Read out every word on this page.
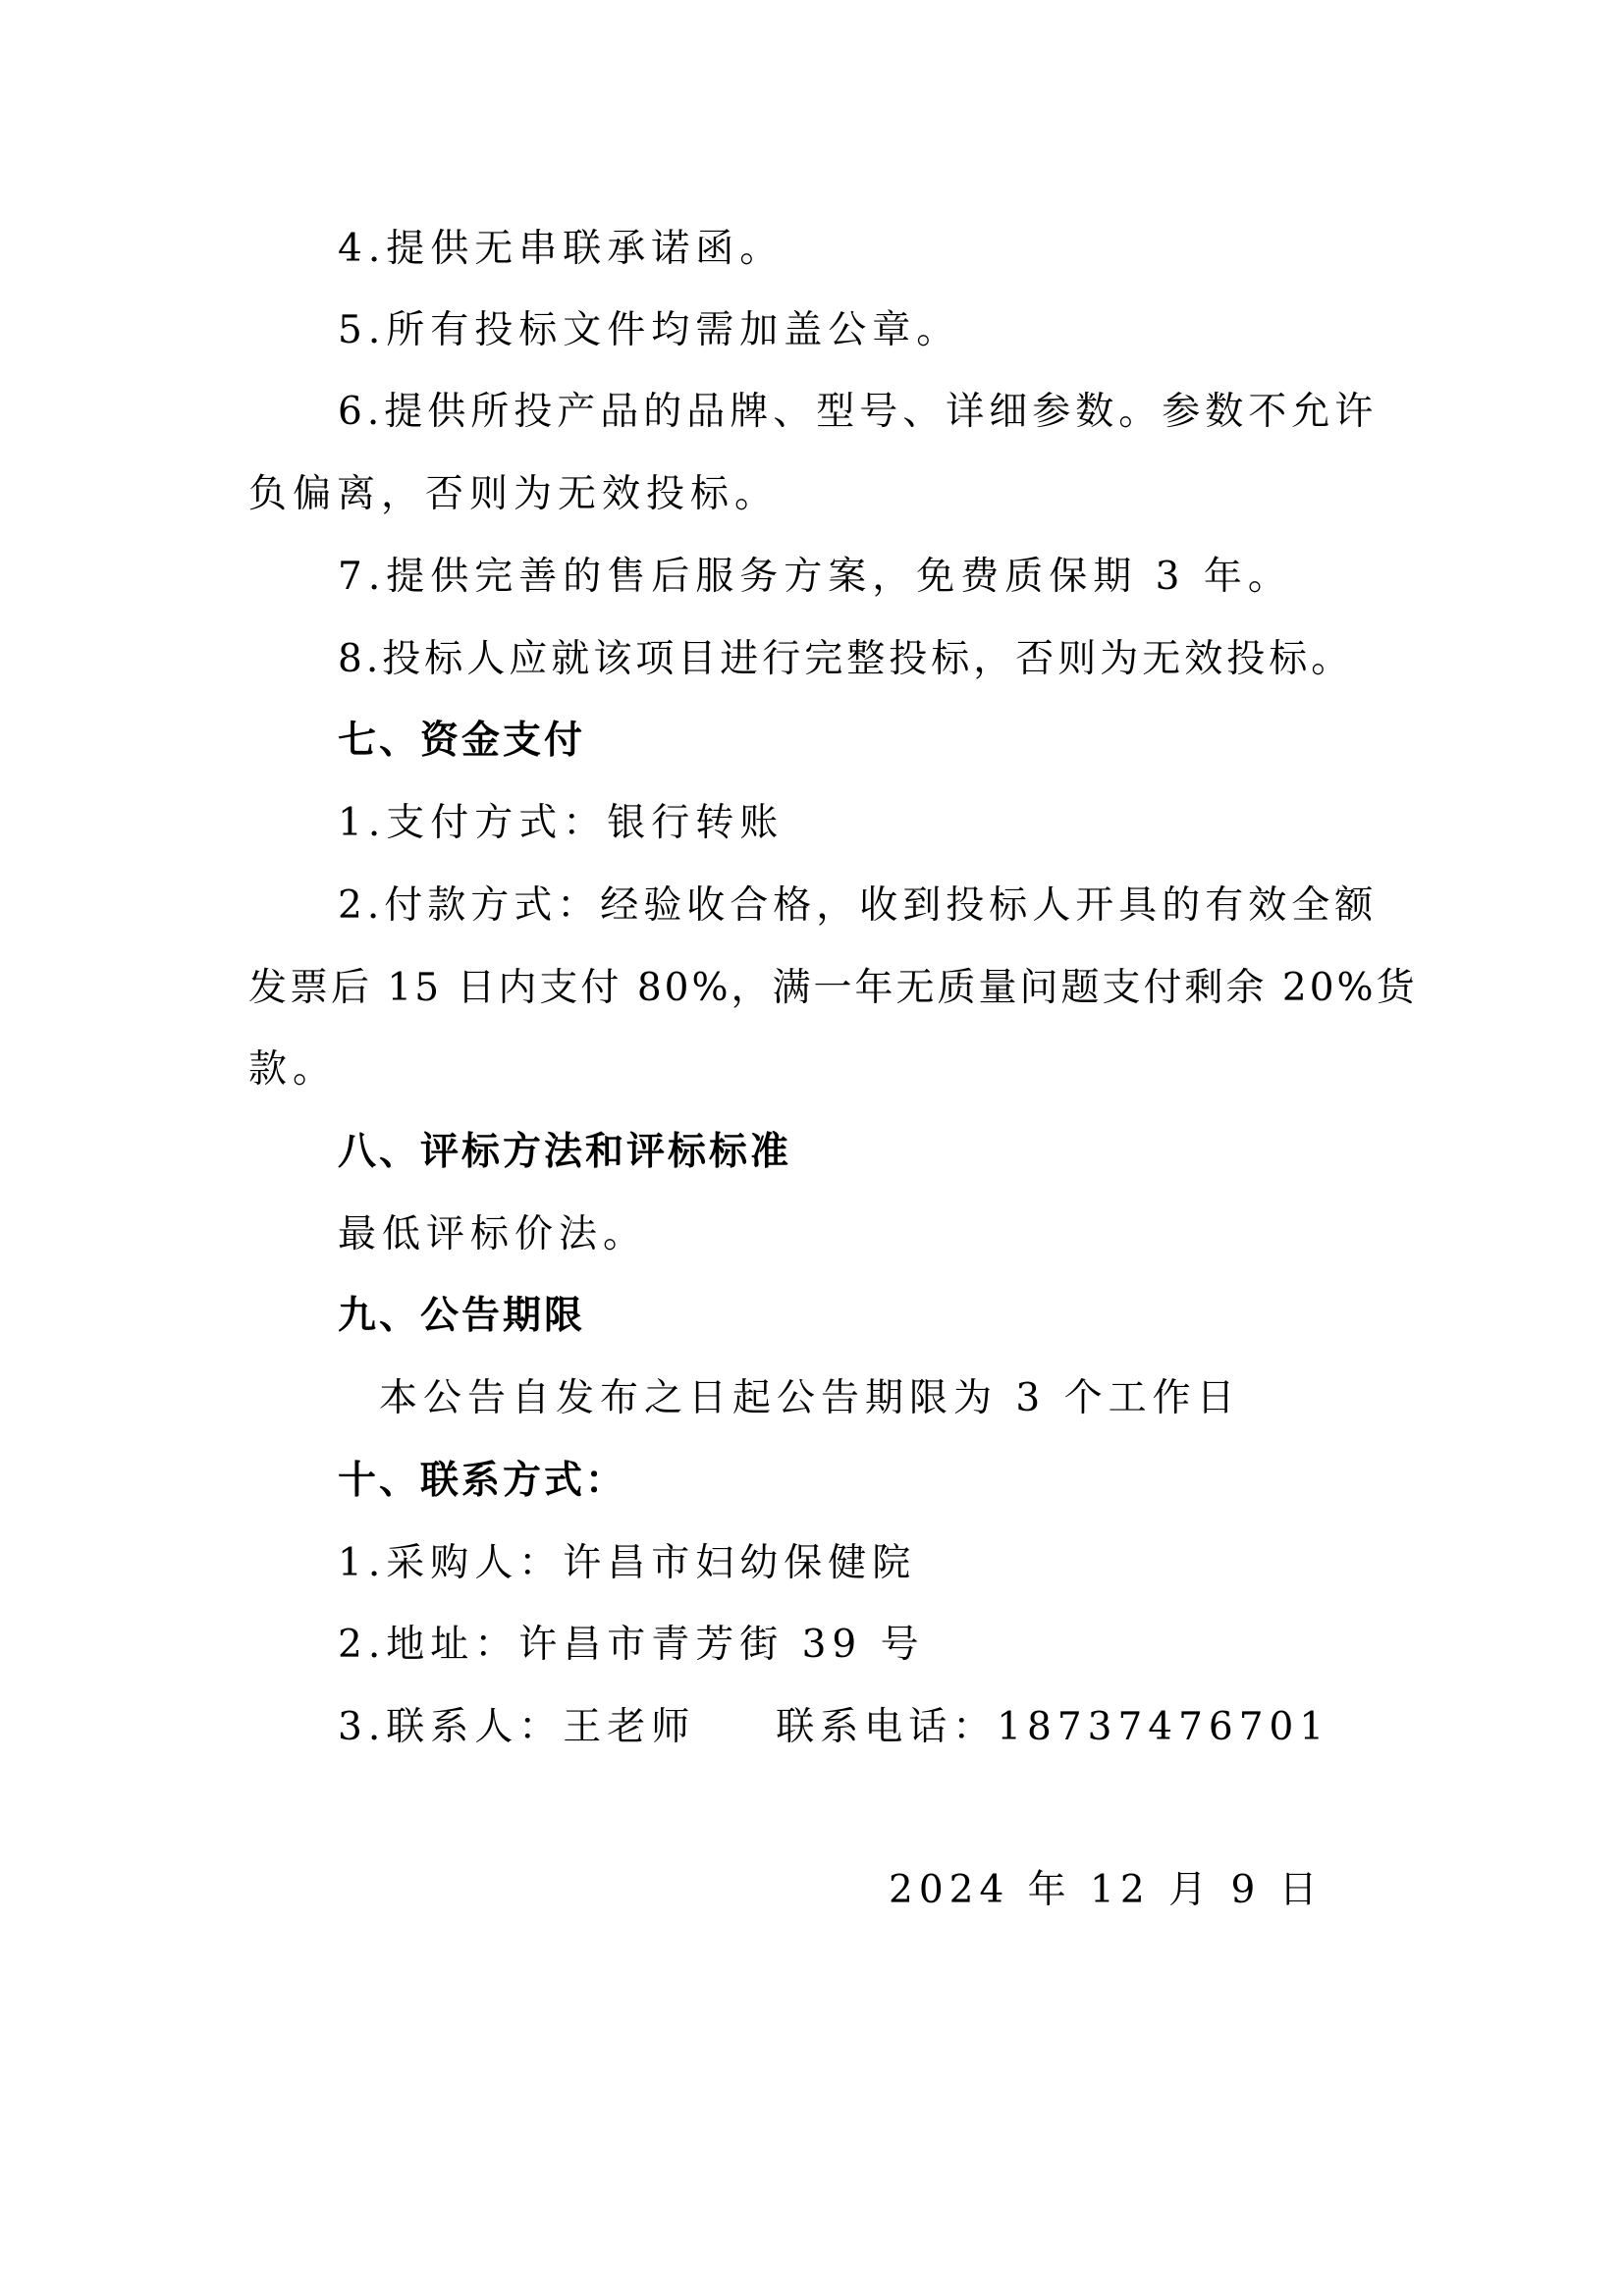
4.提供无串联承诺函。
5.所有投标文件均需加盖公章。
6.提供所投产品的品牌、型号、详细参数。参数不允许
负偏离，否则为无效投标。
7.提供完善的售后服务方案，免费质保期 3 年。
8.投标人应就该项目进行完整投标，否则为无效投标。
七、资金支付
1.支付方式：银行转账
2.付款方式：经验收合格，收到投标人开具的有效全额
发票后 15 日内支付 80%，满一年无质量问题支付剩余 20%货
款。
八、评标方法和评标标准
最低评标价法。
九、公告期限
本公告自发布之日起公告期限为 3 个工作日
十、联系方式：
1.采购人：许昌市妇幼保健院
2.地址：许昌市青芳街 39 号
3.联系人：王老师 联系电话：18737476701
2024 年 12 月 9 日
